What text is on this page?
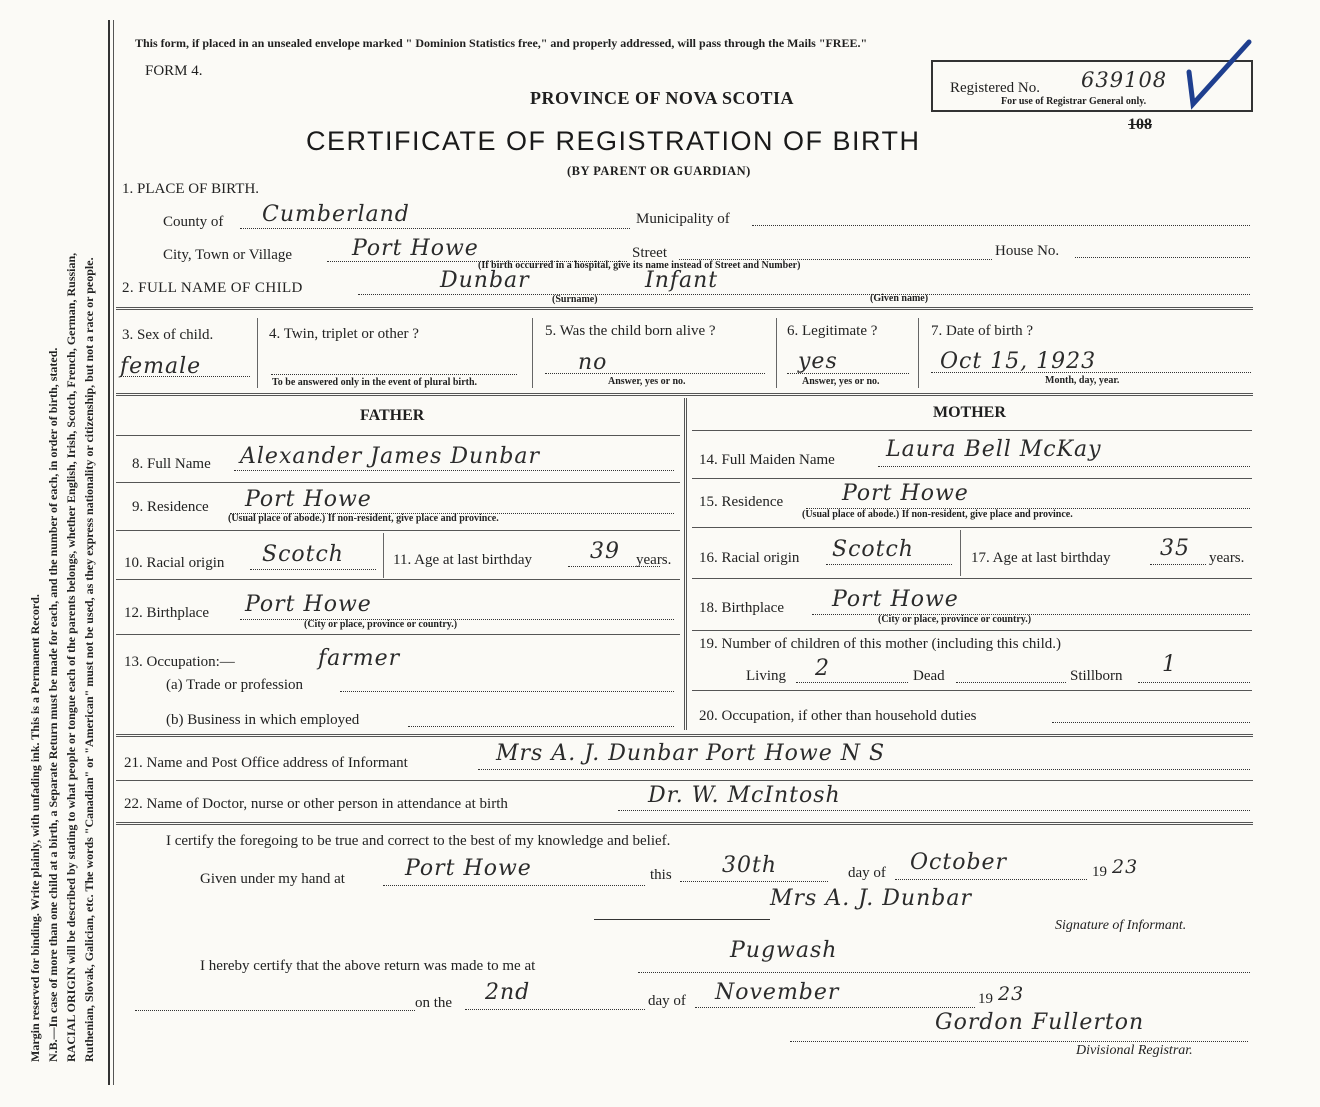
Margin reserved for binding. Write plainly, with unfading ink. This is a Permanent Record. N.B.—In case of more than one child at a birth, a Separate Return must be made for each, and the number of each, in order of birth, stated. RACIAL ORIGIN will be described by stating to what people or tongue each of the parents belongs, whether English, Irish, Scotch, French, German, Russian, Ruthenian, Slovak, Galician, etc. The words "Canadian" or "American" must not be used, as they express nationality or citizenship, but not a race or people.
This form, if placed in an unsealed envelope marked " Dominion Statistics free," and properly addressed, will pass through the Mails "FREE."
FORM 4.
PROVINCE OF NOVA SCOTIA
CERTIFICATE OF REGISTRATION OF BIRTH
(BY PARENT OR GUARDIAN)
Registered No. 639108
For use of Registrar General only.
108
1. PLACE OF BIRTH.
County of Cumberland	Municipality of
City, Town or Village	Port Howe	Street	House No.
(If birth occurred in a hospital, give its name instead of Street and Number)
2. FULL NAME OF CHILD	Dunbar	Infant
(Surname)	(Given name)
3. Sex of child.
female
4. Twin, triplet or other ?
To be answered only in the event of plural birth.
5. Was the child born alive ?
no
Answer, yes or no.
6. Legitimate ?
yes
Answer, yes or no.
7. Date of birth ?
Oct 15, 1923
Month, day, year.
FATHER	MOTHER
8. Full Name Alexander James Dunbar
9. Residence Port Howe
(Usual place of abode.) If non-resident, give place and province.
10. Racial origin Scotch	11. Age at last birthday	39 years.
12. Birthplace Port Howe
(City or place, province or country.)
13. Occupation:—
(a) Trade or profession
farmer
(b) Business in which employed
14. Full Maiden Name Laura Bell McKay
15. Residence	Port Howe
(Usual place of abode.) If non-resident, give place and province.
16. Racial origin Scotch	17. Age at last birthday 35 years.
18. Birthplace Port Howe
(City or place, province or country.)
19. Number of children of this mother (including this child.)
Living 2	Dead	Stillborn 1
20. Occupation, if other than household duties
21. Name and Post Office address of Informant	Mrs A. J. Dunbar Port Howe N S
22. Name of Doctor, nurse or other person in attendance at birth	Dr. W. McIntosh
I certify the foregoing to be true and correct to the best of my knowledge and belief.
Given under my hand at	Port Howe	this 30th	day of October	19 23
Mrs A. J. Dunbar
Signature of Informant.
I hereby certify that the above return was made to me at
Pugwash
on the 2nd	day of November	19 23
Gordon Fullerton
Divisional Registrar.
